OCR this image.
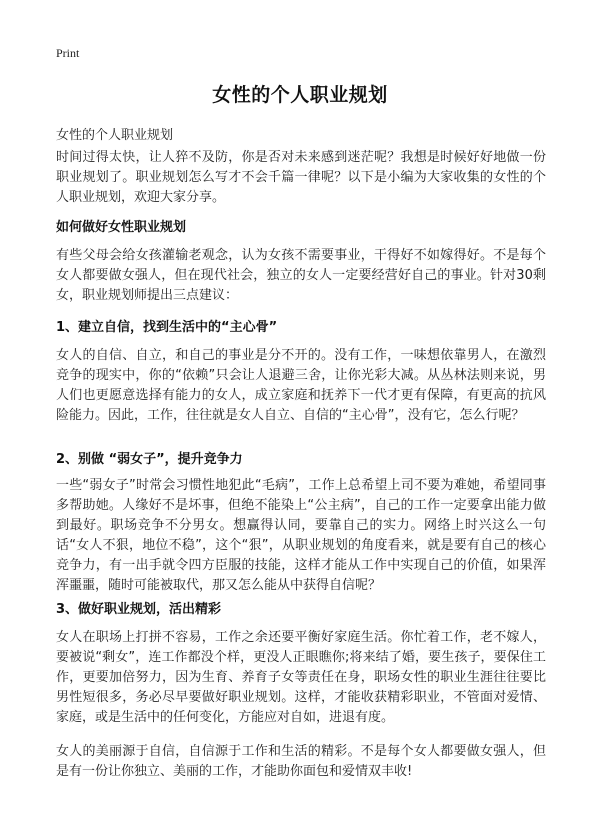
Print
女性的个人职业规划
女性的个人职业规划

时间过得太快，让人猝不及防，你是否对未来感到迷茫呢？我想是时候好好地做一份职业规划了。职业规划怎么写才不会千篇一律呢？以下是小编为大家收集的女性的个人职业规划，欢迎大家分享。

如何做好女性职业规划

有些父母会给女孩灌输老观念，认为女孩不需要事业，干得好不如嫁得好。不是每个女人都要做女强人，但在现代社会，独立的女人一定要经营好自己的事业。针对30剩女，职业规划师提出三点建议：

1、建立自信，找到生活中的“主心骨”

女人的自信、自立，和自己的事业是分不开的。没有工作，一味想依靠男人，在激烈竞争的现实中，你的“依赖”只会让人退避三舍，让你光彩大减。从丛林法则来说，男人们也更愿意选择有能力的女人，成立家庭和抚养下一代才更有保障，有更高的抗风险能力。因此，工作，往往就是女人自立、自信的“主心骨”，没有它，怎么行呢？

2、别做 “弱女子”，提升竞争力

一些“弱女子”时常会习惯性地犯此“毛病”，工作上总希望上司不要为难她，希望同事多帮助她。人缘好不是坏事，但绝不能染上“公主病”，自己的工作一定要拿出能力做到最好。职场竞争不分男女。想赢得认同，要靠自己的实力。网络上时兴这么一句话“女人不狠，地位不稳”，这个“狠”，从职业规划的角度看来，就是要有自己的核心竞争力，有一出手就令四方臣服的技能，这样才能从工作中实现自己的价值，如果浑浑噩噩，随时可能被取代，那又怎么能从中获得自信呢？

3、做好职业规划，活出精彩

女人在职场上打拼不容易，工作之余还要平衡好家庭生活。你忙着工作，老不嫁人，要被说“剩女”，连工作都没个样，更没人正眼瞧你;将来结了婚，要生孩子，要保住工作，更要加倍努力，因为生育、养育子女等责任在身，职场女性的职业生涯往往要比男性短很多，务必尽早要做好职业规划。这样，才能收获精彩职业，不管面对爱情、家庭，或是生活中的任何变化，方能应对自如，进退有度。

女人的美丽源于自信，自信源于工作和生活的精彩。不是每个女人都要做女强人，但是有一份让你独立、美丽的工作，才能助你面包和爱情双丰收!
